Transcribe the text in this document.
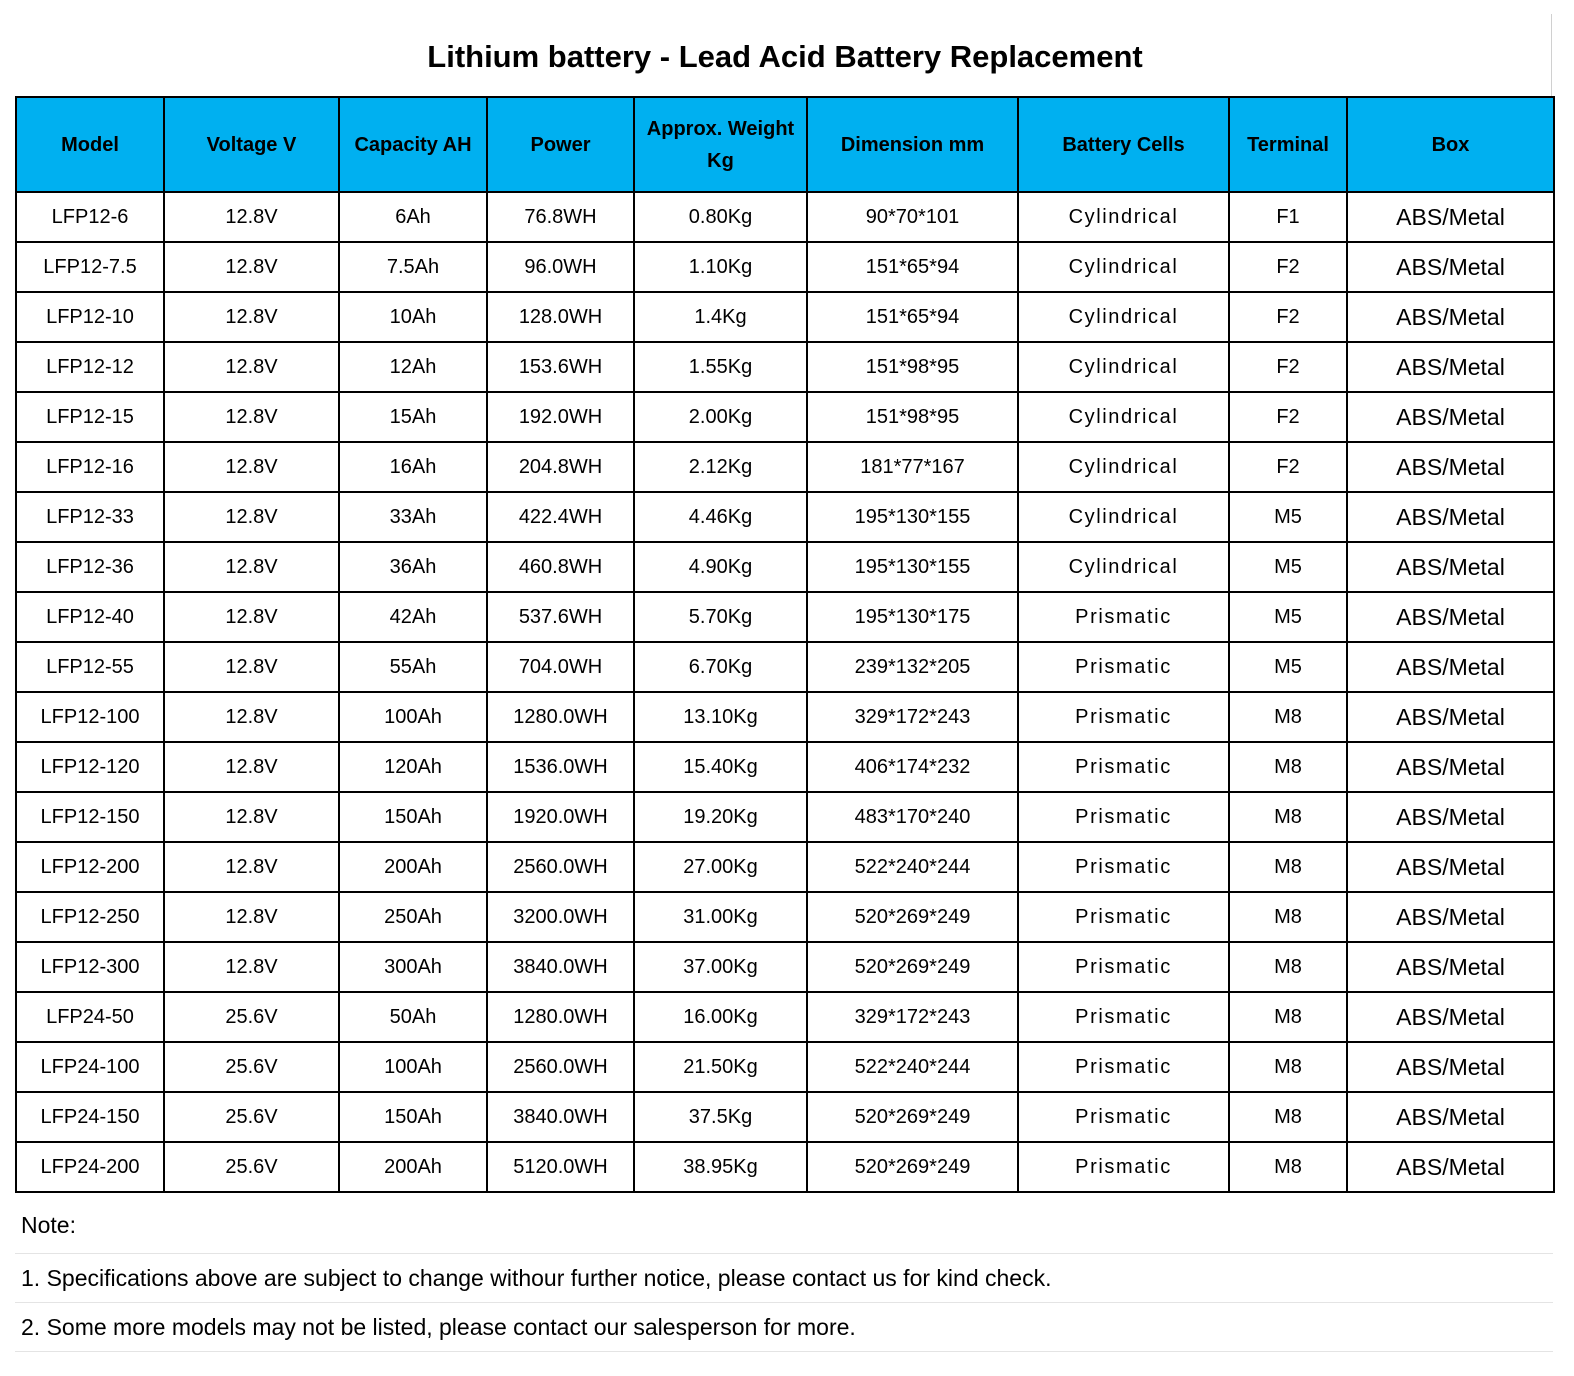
Lithium battery - Lead Acid Battery Replacement
Model	Voltage V	Capacity AH	Power	Approx. Weight Kg	Dimension mm	Battery Cells	Terminal	Box
LFP12-6	12.8V	6Ah	76.8WH	0.80Kg	90*70*101	Cylindrical	F1	ABS/Metal
LFP12-7.5	12.8V	7.5Ah	96.0WH	1.10Kg	151*65*94	Cylindrical	F2	ABS/Metal
LFP12-10	12.8V	10Ah	128.0WH	1.4Kg	151*65*94	Cylindrical	F2	ABS/Metal
LFP12-12	12.8V	12Ah	153.6WH	1.55Kg	151*98*95	Cylindrical	F2	ABS/Metal
LFP12-15	12.8V	15Ah	192.0WH	2.00Kg	151*98*95	Cylindrical	F2	ABS/Metal
LFP12-16	12.8V	16Ah	204.8WH	2.12Kg	181*77*167	Cylindrical	F2	ABS/Metal
LFP12-33	12.8V	33Ah	422.4WH	4.46Kg	195*130*155	Cylindrical	M5	ABS/Metal
LFP12-36	12.8V	36Ah	460.8WH	4.90Kg	195*130*155	Cylindrical	M5	ABS/Metal
LFP12-40	12.8V	42Ah	537.6WH	5.70Kg	195*130*175	Prismatic	M5	ABS/Metal
LFP12-55	12.8V	55Ah	704.0WH	6.70Kg	239*132*205	Prismatic	M5	ABS/Metal
LFP12-100	12.8V	100Ah	1280.0WH	13.10Kg	329*172*243	Prismatic	M8	ABS/Metal
LFP12-120	12.8V	120Ah	1536.0WH	15.40Kg	406*174*232	Prismatic	M8	ABS/Metal
LFP12-150	12.8V	150Ah	1920.0WH	19.20Kg	483*170*240	Prismatic	M8	ABS/Metal
LFP12-200	12.8V	200Ah	2560.0WH	27.00Kg	522*240*244	Prismatic	M8	ABS/Metal
LFP12-250	12.8V	250Ah	3200.0WH	31.00Kg	520*269*249	Prismatic	M8	ABS/Metal
LFP12-300	12.8V	300Ah	3840.0WH	37.00Kg	520*269*249	Prismatic	M8	ABS/Metal
LFP24-50	25.6V	50Ah	1280.0WH	16.00Kg	329*172*243	Prismatic	M8	ABS/Metal
LFP24-100	25.6V	100Ah	2560.0WH	21.50Kg	522*240*244	Prismatic	M8	ABS/Metal
LFP24-150	25.6V	150Ah	3840.0WH	37.5Kg	520*269*249	Prismatic	M8	ABS/Metal
LFP24-200	25.6V	200Ah	5120.0WH	38.95Kg	520*269*249	Prismatic	M8	ABS/Metal
Note:
1. Specifications above are subject to change withour further notice, please contact us for kind check.
2. Some more models may not be listed, please contact our salesperson for more.
